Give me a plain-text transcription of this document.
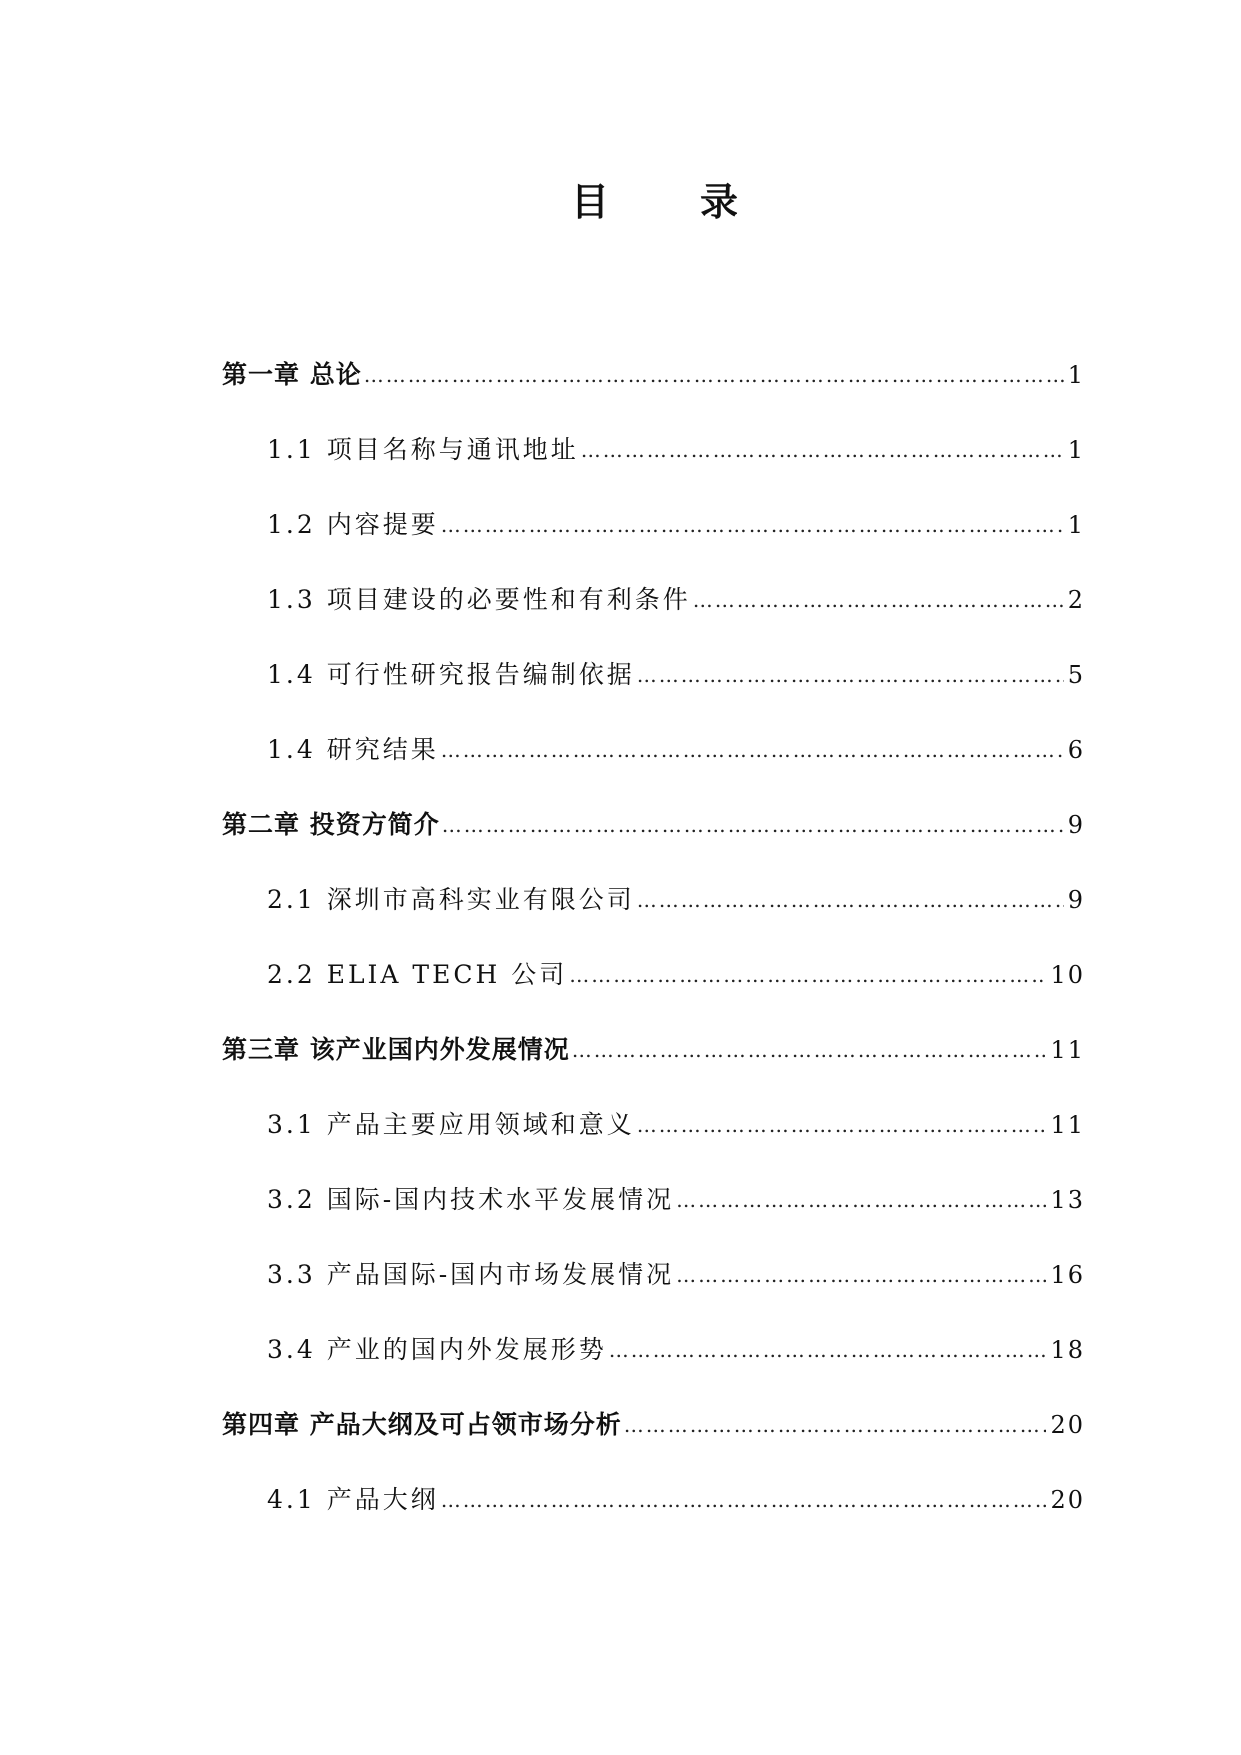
目 录
第一章 总论 ………………………………………………………………………………………………………………………………………………………………	1
1.1 项目名称与通讯地址 ………………………………………………………………………………………………………………………………………………………………	1
1.2 内容提要 ………………………………………………………………………………………………………………………………………………………………	1
1.3 项目建设的必要性和有利条件 ………………………………………………………………………………………………………………………………………………………………	2
1.4 可行性研究报告编制依据 ………………………………………………………………………………………………………………………………………………………………	5
1.4 研究结果 ………………………………………………………………………………………………………………………………………………………………	6
第二章 投资方简介 ………………………………………………………………………………………………………………………………………………………………	9
2.1 深圳市高科实业有限公司 ………………………………………………………………………………………………………………………………………………………………	9
2.2 ELIA TECH 公司 ………………………………………………………………………………………………………………………………………………………………	10
第三章 该产业国内外发展情况 ………………………………………………………………………………………………………………………………………………………………	11
3.1 产品主要应用领域和意义 ………………………………………………………………………………………………………………………………………………………………	11
3.2 国际-国内技术水平发展情况 ………………………………………………………………………………………………………………………………………………………………	13
3.3 产品国际-国内市场发展情况 ………………………………………………………………………………………………………………………………………………………………	16
3.4 产业的国内外发展形势 ………………………………………………………………………………………………………………………………………………………………	18
第四章 产品大纲及可占领市场分析 ………………………………………………………………………………………………………………………………………………………………	20
4.1 产品大纲 ………………………………………………………………………………………………………………………………………………………………	20
